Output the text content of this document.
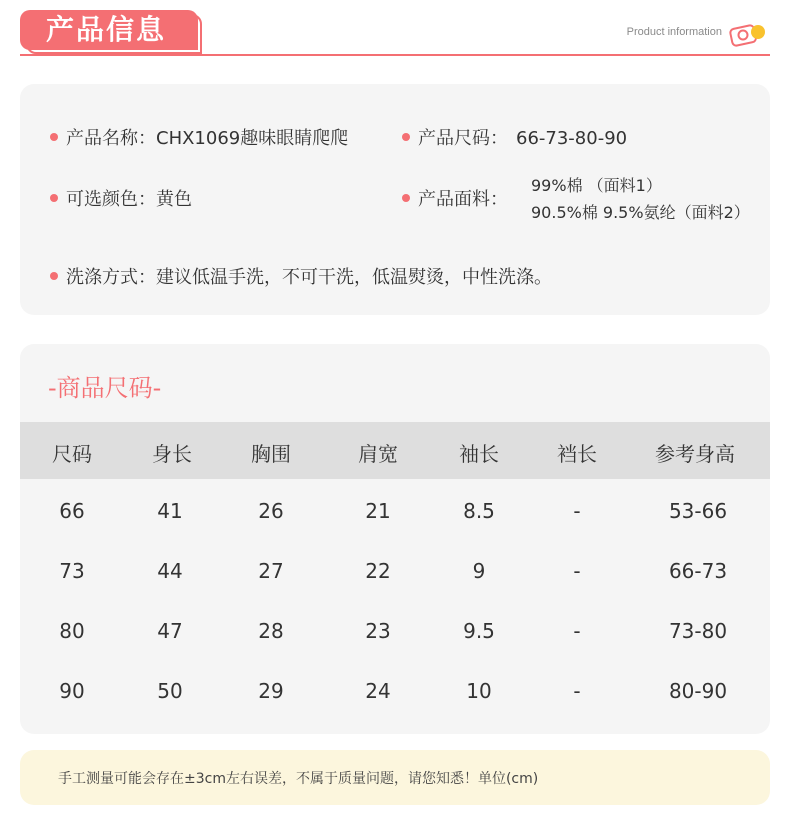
产品信息	Product information
产品名称：CHX1069趣味眼睛爬爬	产品尺码： 66-73-80-90
可选颜色：黄色	产品面料：
99%棉 （面料1）
90.5%棉 9.5%氨纶（面料2）
洗涤方式：建议低温手洗，不可干洗，低温熨烫，中性洗涤。
-商品尺码-
尺码	身长	胸围	肩宽	袖长	裆长	参考身高
66	41	26	21	8.5	-	53-66
73	44	27	22	9	-	66-73
80	47	28	23	9.5	-	73-80
90	50	29	24	10	-	80-90
手工测量可能会存在±3cm左右误差，不属于质量问题，请您知悉！单位(cm)
